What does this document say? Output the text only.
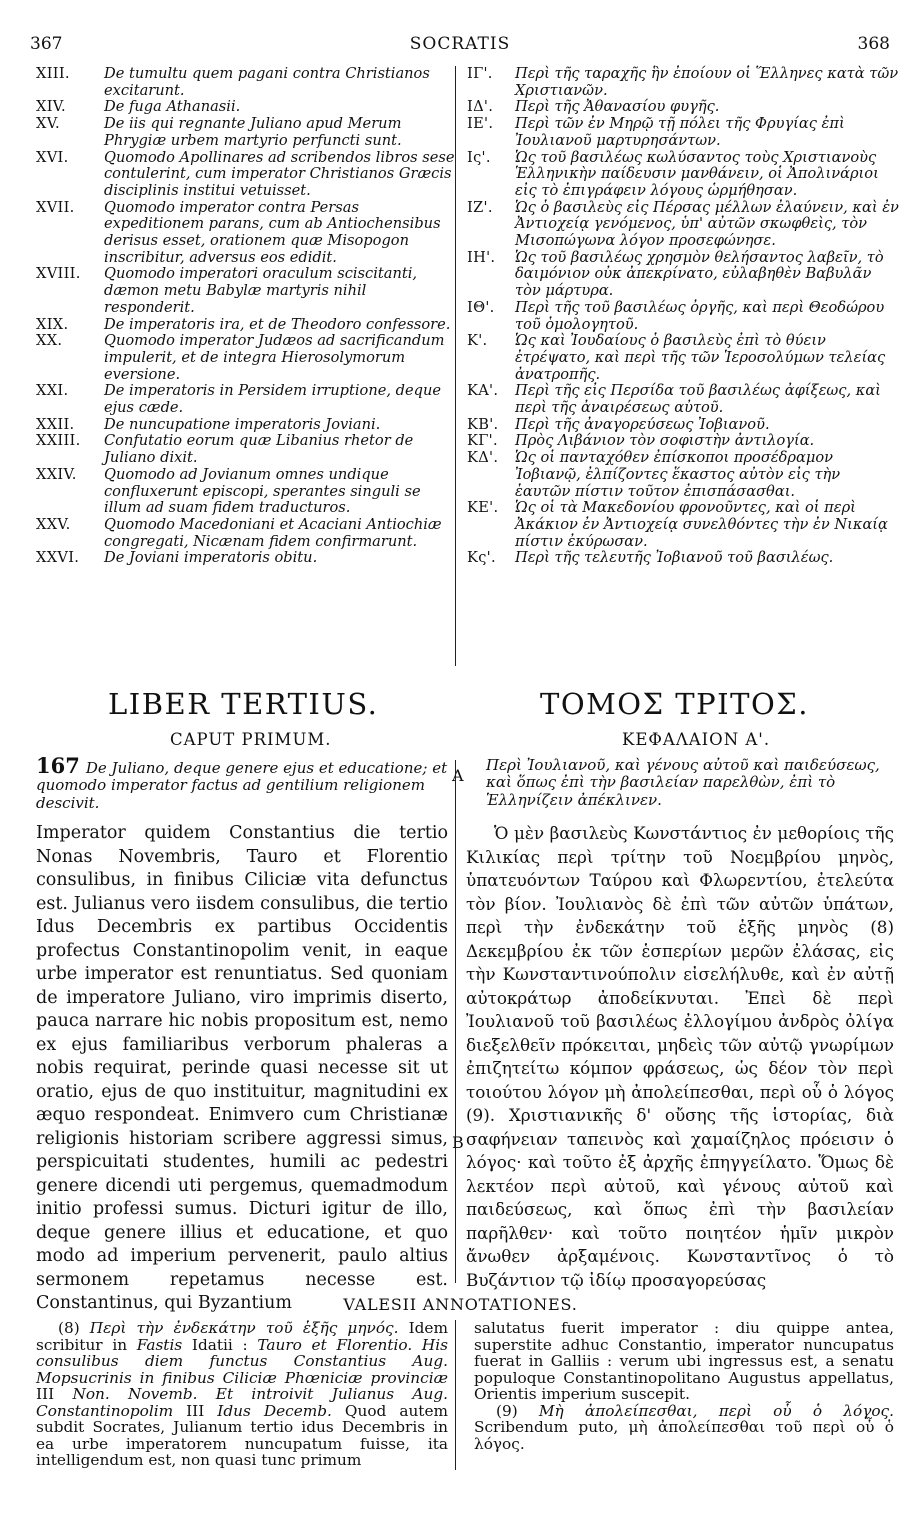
367	SOCRATIS	368
XIII.	De tumultu quem pagani contra Christianos excitarunt.
XIV.	De fuga Athanasii.
XV.	De iis qui regnante Juliano apud Merum Phrygiæ urbem martyrio perfuncti sunt.
XVI.	Quomodo Apollinares ad scribendos libros sese contulerint, cum imperator Christianos Græcis disciplinis institui vetuisset.
XVII.	Quomodo imperator contra Persas expeditionem parans, cum ab Antiochensibus derisus esset, orationem quæ Misopogon inscribitur, adversus eos edidit.
XVIII.	Quomodo imperatori oraculum sciscitanti, dæmon metu Babylæ martyris nihil responderit.
XIX.	De imperatoris ira, et de Theodoro confessore.
XX.	Quomodo imperator Judæos ad sacrificandum impulerit, et de integra Hierosolymorum eversione.
XXI.	De imperatoris in Persidem irruptione, deque ejus cæde.
XXII.	De nuncupatione imperatoris Joviani.
XXIII.	Confutatio eorum quæ Libanius rhetor de Juliano dixit.
XXIV.	Quomodo ad Jovianum omnes undique confluxerunt episcopi, sperantes singuli se illum ad suam fidem traducturos.
XXV.	Quomodo Macedoniani et Acaciani Antiochiæ congregati, Nicænam fidem confirmarunt.
XXVI.	De Joviani imperatoris obitu.
ΙΓ'.	Περὶ τῆς ταραχῆς ἣν ἐποίουν οἱ Ἕλληνες κατὰ τῶν Χριστιανῶν.
ΙΔ'.	Περὶ τῆς Ἀθανασίου φυγῆς.
ΙΕ'.	Περὶ τῶν ἐν Μηρῷ τῇ πόλει τῆς Φρυγίας ἐπὶ Ἰουλιανοῦ μαρτυρησάντων.
Ις'.	Ὡς τοῦ βασιλέως κωλύσαντος τοὺς Χριστιανοὺς Ἑλληνικὴν παίδευσιν μανθάνειν, οἱ Ἀπολινάριοι εἰς τὸ ἐπιγράφειν λόγους ὡρμήθησαν.
ΙΖ'.	Ὡς ὁ βασιλεὺς εἰς Πέρσας μέλλων ἐλαύνειν, καὶ ἐν Ἀντιοχείᾳ γενόμενος, ὑπ' αὐτῶν σκωφθεὶς, τὸν Μισοπώγωνα λόγον προσεφώνησε.
ΙΗ'.	Ὡς τοῦ βασιλέως χρησμὸν θελήσαντος λαβεῖν, τὸ δαιμόνιον οὐκ ἀπεκρίνατο, εὐλαβηθὲν Βαβυλᾶν τὸν μάρτυρα.
ΙΘ'.	Περὶ τῆς τοῦ βασιλέως ὀργῆς, καὶ περὶ Θεοδώρου τοῦ ὁμολογητοῦ.
Κ'.	Ὡς καὶ Ἰουδαίους ὁ βασιλεὺς ἐπὶ τὸ θύειν ἐτρέψατο, καὶ περὶ τῆς τῶν Ἱεροσολύμων τελείας ἀνατροπῆς.
ΚΑ'.	Περὶ τῆς εἰς Περσίδα τοῦ βασιλέως ἀφίξεως, καὶ περὶ τῆς ἀναιρέσεως αὐτοῦ.
ΚΒ'.	Περὶ τῆς ἀναγορεύσεως Ἰοβιανοῦ.
ΚΓ'.	Πρὸς Λιβάνιον τὸν σοφιστὴν ἀντιλογία.
ΚΔ'.	Ὡς οἱ πανταχόθεν ἐπίσκοποι προσέδραμον Ἰοβιανῷ, ἐλπίζοντες ἕκαστος αὐτὸν εἰς τὴν ἑαυτῶν πίστιν τοῦτον ἐπισπάσασθαι.
ΚΕ'.	Ὡς οἱ τὰ Μακεδονίου φρονοῦντες, καὶ οἱ περὶ Ἀκάκιον ἐν Ἀντιοχείᾳ συνελθόντες τὴν ἐν Νικαίᾳ πίστιν ἐκύρωσαν.
Κς'.	Περὶ τῆς τελευτῆς Ἰοβιανοῦ τοῦ βασιλέως.
LIBER TERTIUS.	ΤΟΜΟΣ ΤΡΙΤΟΣ.
CAPUT PRIMUM.	ΚΕΦΑΛΑΙΟΝ Α'.
167 De Juliano, deque genere ejus et educatione; et quomodo imperator factus ad gentilium religionem descivit.
A
Περὶ Ἰουλιανοῦ, καὶ γένους αὐτοῦ καὶ παιδεύσεως, καὶ ὅπως ἐπὶ τὴν βασιλείαν παρελθὼν, ἐπὶ τὸ Ἑλληνίζειν ἀπέκλινεν.
Imperator quidem Constantius die tertio Nonas Novembris, Tauro et Florentio consulibus, in finibus Ciliciæ vita defunctus est. Julianus vero iisdem consulibus, die tertio Idus Decembris ex partibus Occidentis profectus Constantinopolim venit, in eaque urbe imperator est renuntiatus. Sed quoniam de imperatore Juliano, viro imprimis diserto, pauca narrare hic nobis propositum est, nemo ex ejus familiaribus verborum phaleras a nobis requirat, perinde quasi necesse sit ut oratio, ejus de quo instituitur, magnitudini ex æquo respondeat. Enimvero cum Christianæ religionis historiam scribere aggressi simus, perspicuitati studentes, humili ac pedestri genere dicendi uti pergemus, quemadmodum initio professi sumus. Dicturi igitur de illo, deque genere illius et educatione, et quo modo ad imperium pervenerit, paulo altius sermonem repetamus necesse est. Constantinus, qui Byzantium
B
Ὁ μὲν βασιλεὺς Κωνστάντιος ἐν μεθορίοις τῆς Κιλικίας περὶ τρίτην τοῦ Νοεμβρίου μηνὸς, ὑπατευόντων Ταύρου καὶ Φλωρεντίου, ἐτελεύτα τὸν βίον. Ἰουλιανὸς δὲ ἐπὶ τῶν αὐτῶν ὑπάτων, περὶ τὴν ἐνδεκάτην τοῦ ἑξῆς μηνὸς (8) Δεκεμβρίου ἐκ τῶν ἑσπερίων μερῶν ἐλάσας, εἰς τὴν Κωνσταντινούπολιν εἰσελήλυθε, καὶ ἐν αὐτῇ αὐτοκράτωρ ἀποδείκνυται. Ἐπεὶ δὲ περὶ Ἰουλιανοῦ τοῦ βασιλέως ἐλλογίμου ἀνδρὸς ὀλίγα διεξελθεῖν πρόκειται, μηδεὶς τῶν αὐτῷ γνωρίμων ἐπιζητείτω κόμπον φράσεως, ὡς δέον τὸν περὶ τοιούτου λόγον μὴ ἀπολείπεσθαι, περὶ οὗ ὁ λόγος (9). Χριστιανικῆς δ' οὔσης τῆς ἱστορίας, διὰ σαφήνειαν ταπεινὸς καὶ χαμαίζηλος πρόεισιν ὁ λόγος· καὶ τοῦτο ἐξ ἀρχῆς ἐπηγγείλατο. Ὅμως δὲ λεκτέον περὶ αὐτοῦ, καὶ γένους αὐτοῦ καὶ παιδεύσεως, καὶ ὅπως ἐπὶ τὴν βασιλείαν παρῆλθεν· καὶ τοῦτο ποιητέον ἡμῖν μικρὸν ἄνωθεν ἀρξαμένοις. Κωνσταντῖνος ὁ τὸ Βυζάντιον τῷ ἰδίῳ προσαγορεύσας
VALESII ANNOTATIONES.

(8) Περὶ τὴν ἐνδεκάτην τοῦ ἑξῆς μηνός. Idem scribitur in Fastis Idatii : Tauro et Florentio. His consulibus diem functus Constantius Aug. Mopsucrinis in finibus Ciliciæ Phœniciæ provinciæ III Non. Novemb. Et introivit Julianus Aug. Constantinopolim III Idus Decemb. Quod autem subdit Socrates, Julianum tertio idus Decembris in ea urbe imperatorem nuncupatum fuisse, ita intelligendum est, non quasi tunc primum

salutatus fuerit imperator : diu quippe antea, superstite adhuc Constantio, imperator nuncupatus fuerat in Galliis : verum ubi ingressus est, a senatu populoque Constantinopolitano Augustus appellatus, Orientis imperium suscepit.

(9) Μὴ ἀπολείπεσθαι, περὶ οὗ ὁ λόγος. Scribendum puto, μὴ ἀπολείπεσθαι τοῦ περὶ οὗ ὁ λόγος.
